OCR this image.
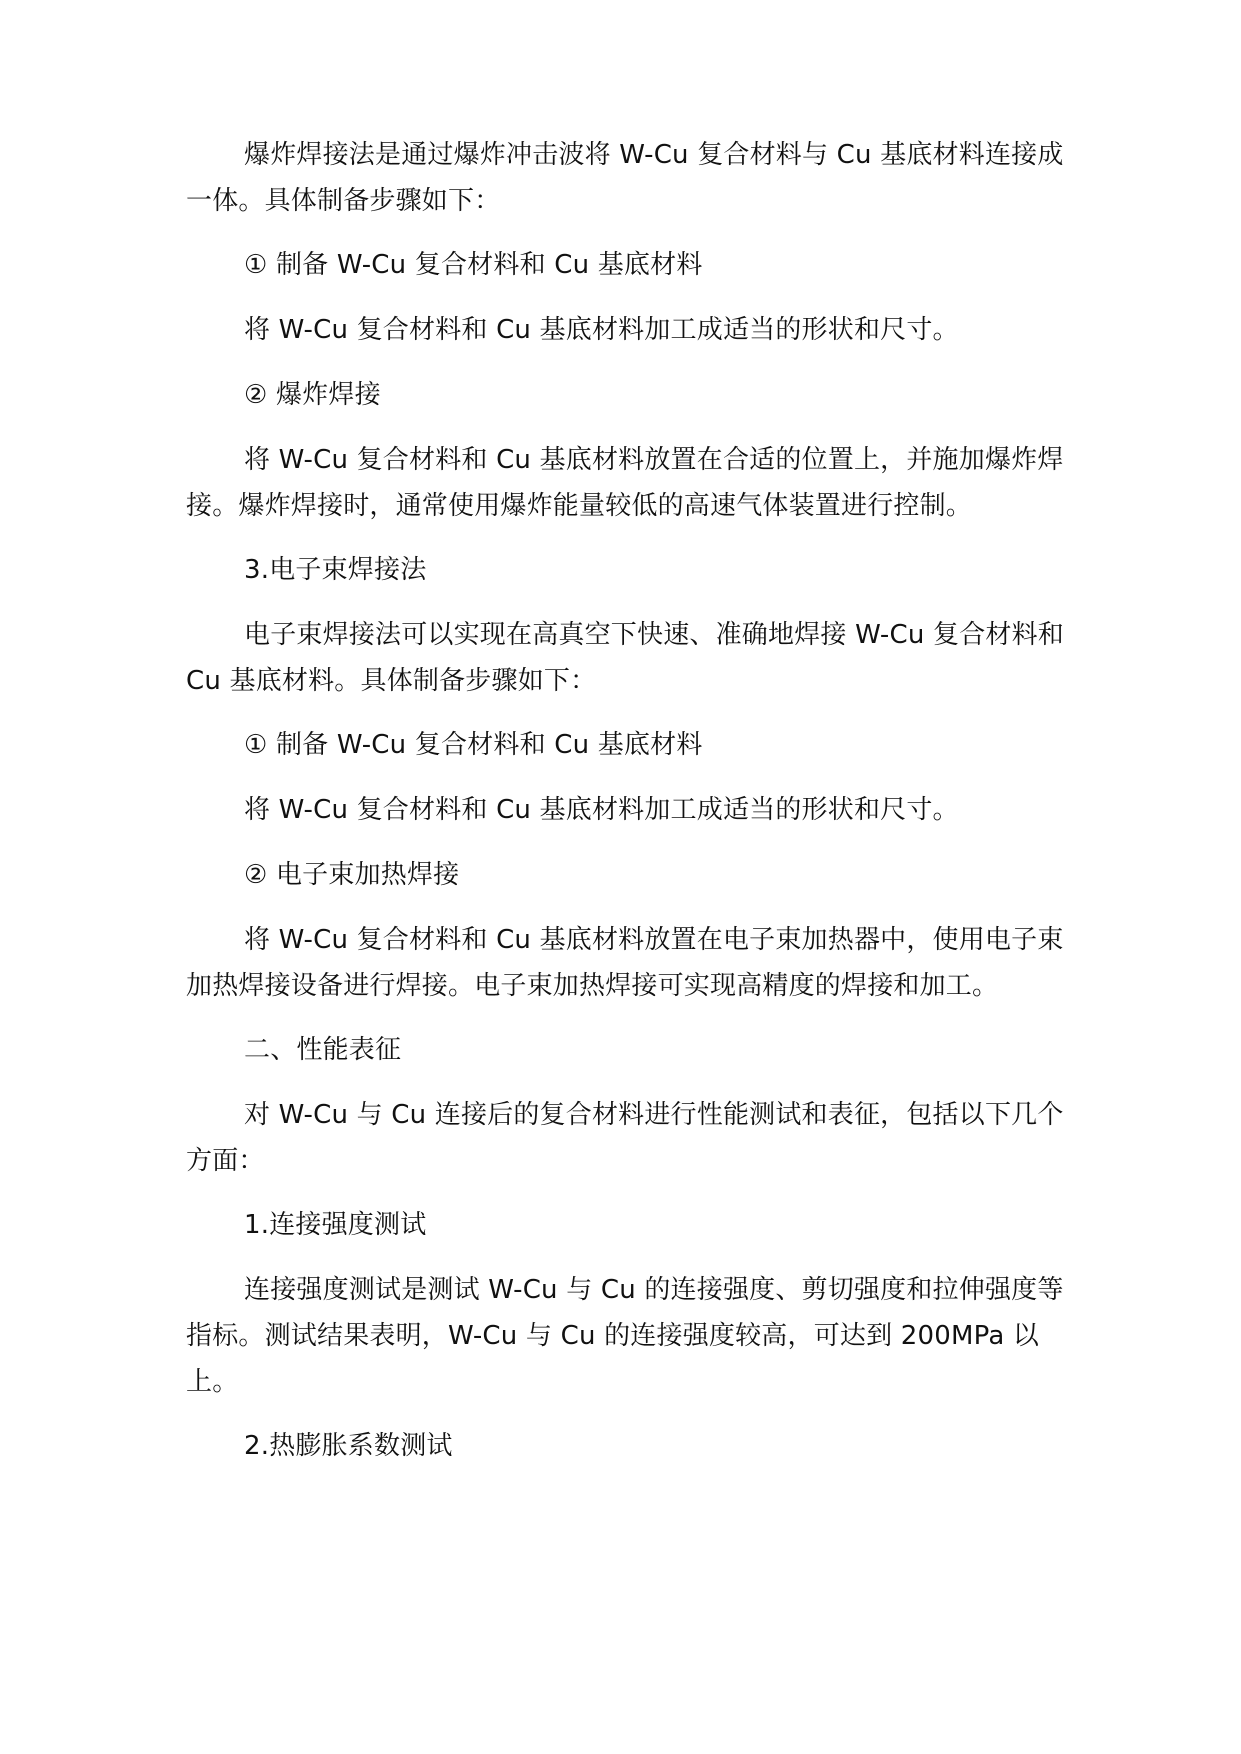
爆炸焊接法是通过爆炸冲击波将 W-Cu 复合材料与 Cu 基底材料连接成一体。具体制备步骤如下：

① 制备 W-Cu 复合材料和 Cu 基底材料

将 W-Cu 复合材料和 Cu 基底材料加工成适当的形状和尺寸。

② 爆炸焊接

将 W-Cu 复合材料和 Cu 基底材料放置在合适的位置上，并施加爆炸焊接。爆炸焊接时，通常使用爆炸能量较低的高速气体装置进行控制。

3.电子束焊接法

电子束焊接法可以实现在高真空下快速、准确地焊接 W-Cu 复合材料和 Cu 基底材料。具体制备步骤如下：

① 制备 W-Cu 复合材料和 Cu 基底材料

将 W-Cu 复合材料和 Cu 基底材料加工成适当的形状和尺寸。

② 电子束加热焊接

将 W-Cu 复合材料和 Cu 基底材料放置在电子束加热器中，使用电子束加热焊接设备进行焊接。电子束加热焊接可实现高精度的焊接和加工。

二、性能表征

对 W-Cu 与 Cu 连接后的复合材料进行性能测试和表征，包括以下几个方面：

1.连接强度测试

连接强度测试是测试 W-Cu 与 Cu 的连接强度、剪切强度和拉伸强度等指标。测试结果表明，W-Cu 与 Cu 的连接强度较高，可达到 200MPa 以上。

2.热膨胀系数测试
